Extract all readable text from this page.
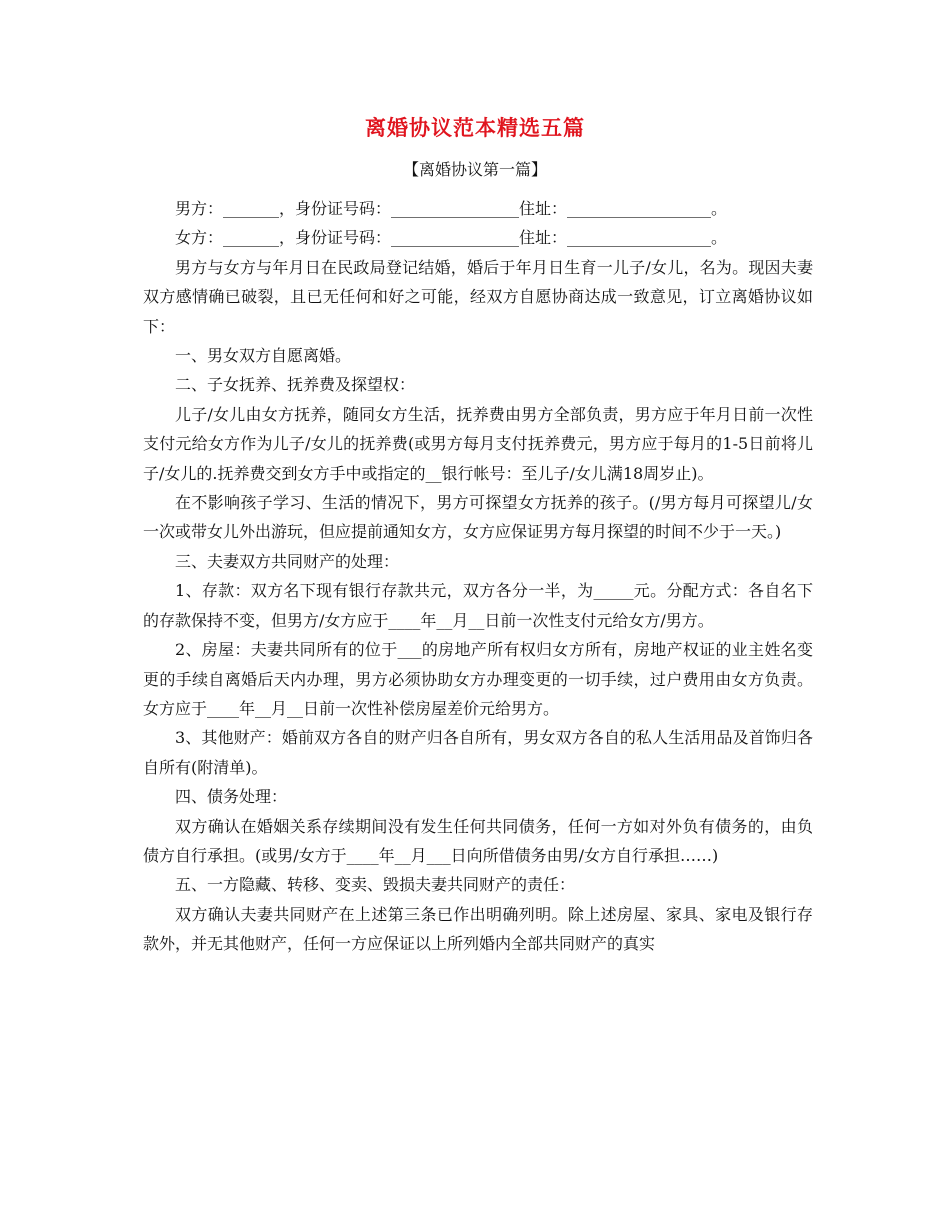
离婚协议范本精选五篇
【离婚协议第一篇】

男方：_______，身份证号码：________________住址：__________________。

女方：_______，身份证号码：________________住址：__________________。

男方与女方与年月日在民政局登记结婚，婚后于年月日生育一儿子/女儿，名为。现因夫妻双方感情确已破裂，且已无任何和好之可能，经双方自愿协商达成一致意见，订立离婚协议如下：

一、男女双方自愿离婚。

二、子女抚养、抚养费及探望权：

儿子/女儿由女方抚养，随同女方生活，抚养费由男方全部负责，男方应于年月日前一次性支付元给女方作为儿子/女儿的抚养费(或男方每月支付抚养费元，男方应于每月的1-5日前将儿子/女儿的.抚养费交到女方手中或指定的__银行帐号：至儿子/女儿满18周岁止)。

在不影响孩子学习、生活的情况下，男方可探望女方抚养的孩子。(/男方每月可探望儿/女一次或带女儿外出游玩，但应提前通知女方，女方应保证男方每月探望的时间不少于一天。)

三、夫妻双方共同财产的处理：

1、存款：双方名下现有银行存款共元，双方各分一半，为_____元。分配方式：各自名下的存款保持不变，但男方/女方应于____年__月__日前一次性支付元给女方/男方。

2、房屋：夫妻共同所有的位于___的房地产所有权归女方所有，房地产权证的业主姓名变更的手续自离婚后天内办理，男方必须协助女方办理变更的一切手续，过户费用由女方负责。女方应于____年__月__日前一次性补偿房屋差价元给男方。

3、其他财产：婚前双方各自的财产归各自所有，男女双方各自的私人生活用品及首饰归各自所有(附清单)。

四、债务处理：

双方确认在婚姻关系存续期间没有发生任何共同债务，任何一方如对外负有债务的，由负债方自行承担。(或男/女方于____年__月___日向所借债务由男/女方自行承担……)

五、一方隐藏、转移、变卖、毁损夫妻共同财产的责任：

双方确认夫妻共同财产在上述第三条已作出明确列明。除上述房屋、家具、家电及银行存款外，并无其他财产，任何一方应保证以上所列婚内全部共同财产的真实
